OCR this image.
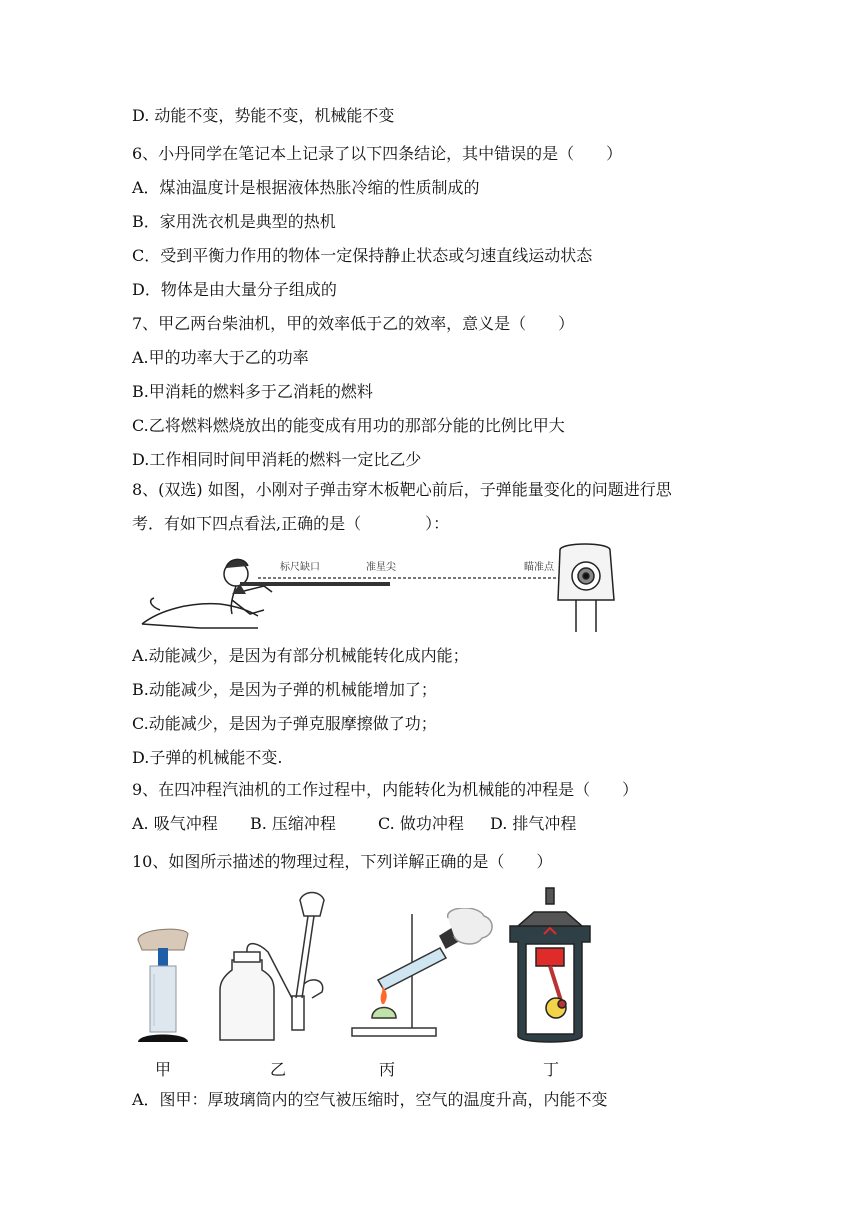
D. 动能不变，势能不变，机械能不变
6、小丹同学在笔记本上记录了以下四条结论，其中错误的是（　　）
A．煤油温度计是根据液体热胀冷缩的性质制成的
B．家用洗衣机是典型的热机
C．受到平衡力作用的物体一定保持静止状态或匀速直线运动状态
D．物体是由大量分子组成的
7、甲乙两台柴油机，甲的效率低于乙的效率，意义是（　　）
A.甲的功率大于乙的功率
B.甲消耗的燃料多于乙消耗的燃料
C.乙将燃料燃烧放出的能变成有用功的那部分能的比例比甲大
D.工作相同时间甲消耗的燃料一定比乙少
8、(双选) 如图，小刚对子弹击穿木板靶心前后，子弹能量变化的问题进行思
考．有如下四点看法,正确的是（　　　　）：
标尺缺口	准星尖	瞄准点
A.动能减少，是因为有部分机械能转化成内能；
B.动能减少，是因为子弹的机械能增加了；
C.动能减少，是因为子弹克服摩擦做了功；
D.子弹的机械能不变.
9、在四冲程汽油机的工作过程中，内能转化为机械能的冲程是（　　）
A. 吸气冲程 B. 压缩冲程	C. 做功冲程 D. 排气冲程
10、如图所示描述的物理过程，下列详解正确的是（　　）
甲	乙	丙	丁
A．图甲：厚玻璃筒内的空气被压缩时，空气的温度升高，内能不变
